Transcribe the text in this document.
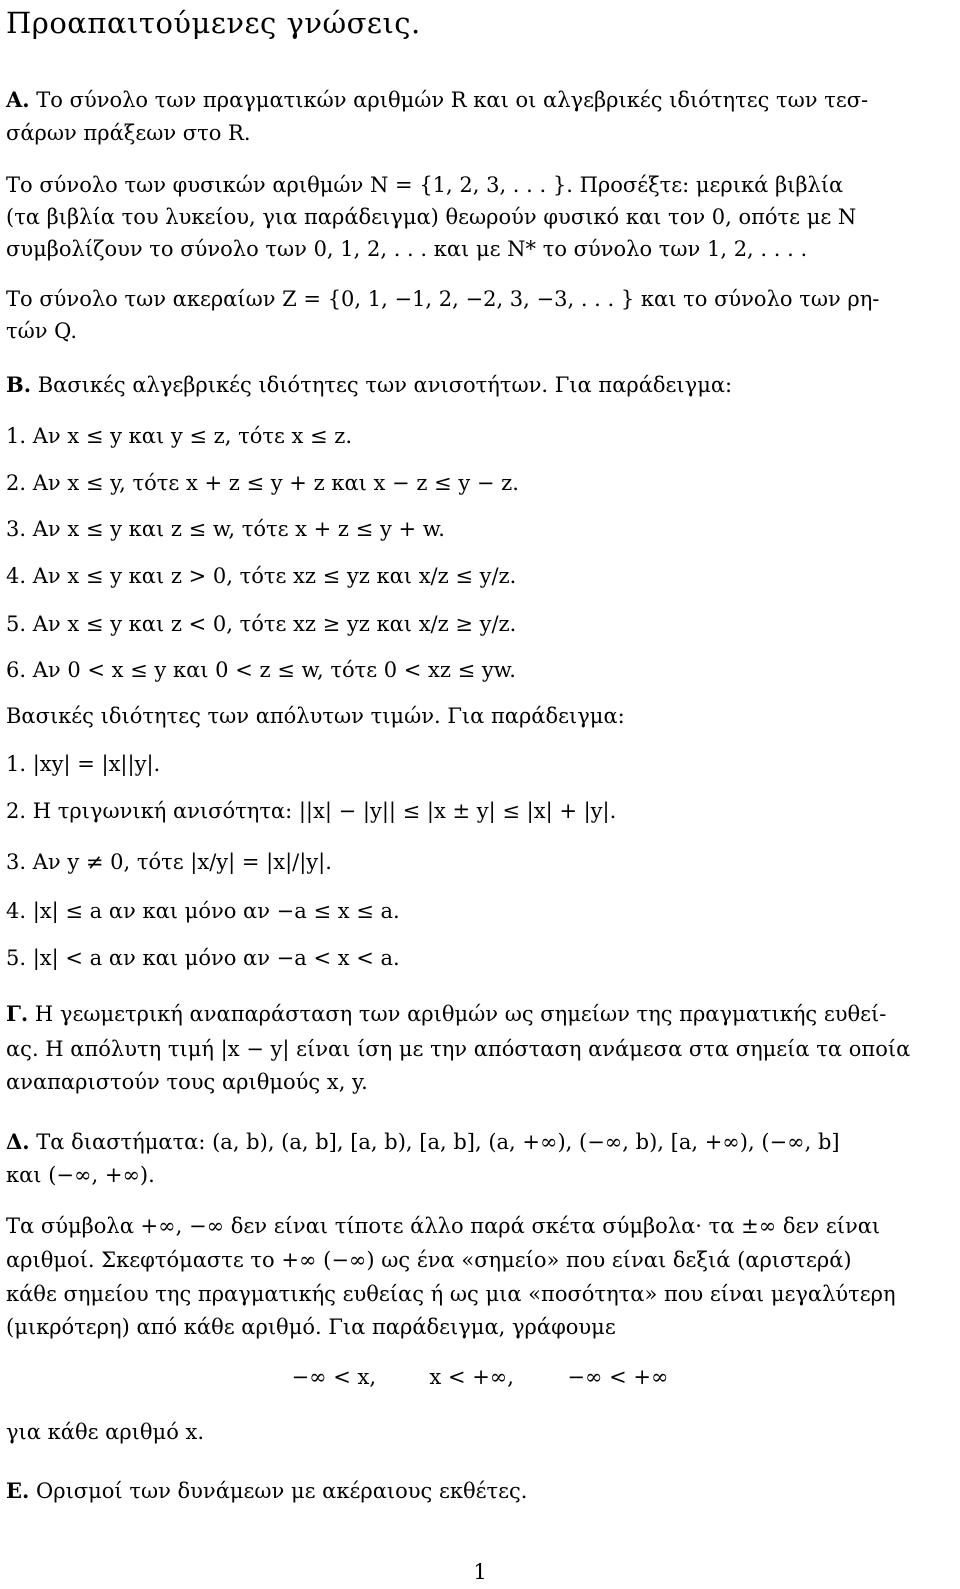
Προαπαιτούμενες γνώσεις.
Α. Το σύνολο των πραγματικών αριθμών R και οι αλγεβρικές ιδιότητες των τεσ-
σάρων πράξεων στο R.
Το σύνολο των φυσικών αριθμών N = {1, 2, 3, . . . }. Προσέξτε: μερικά βιβλία
(τα βιβλία του λυκείου, για παράδειγμα) θεωρούν φυσικό και τον 0, οπότε με N
συμβολίζουν το σύνολο των 0, 1, 2, . . . και με N* το σύνολο των 1, 2, . . . .
Το σύνολο των ακεραίων Z = {0, 1, −1, 2, −2, 3, −3, . . . } και το σύνολο των ρη-
τών Q.
Β. Βασικές αλγεβρικές ιδιότητες των ανισοτήτων. Για παράδειγμα:
1. Αν x ≤ y και y ≤ z, τότε x ≤ z.
2. Αν x ≤ y, τότε x + z ≤ y + z και x − z ≤ y − z.
3. Αν x ≤ y και z ≤ w, τότε x + z ≤ y + w.
4. Αν x ≤ y και z > 0, τότε xz ≤ yz και x/z ≤ y/z.
5. Αν x ≤ y και z < 0, τότε xz ≥ yz και x/z ≥ y/z.
6. Αν 0 < x ≤ y και 0 < z ≤ w, τότε 0 < xz ≤ yw.
Βασικές ιδιότητες των απόλυτων τιμών. Για παράδειγμα:
1. |xy| = |x||y|.
2. Η τριγωνική ανισότητα: ||x| − |y|| ≤ |x ± y| ≤ |x| + |y|.
3. Αν y ≠ 0, τότε |x/y| = |x|/|y|.
4. |x| ≤ a αν και μόνο αν −a ≤ x ≤ a.
5. |x| < a αν και μόνο αν −a < x < a.
Γ. Η γεωμετρική αναπαράσταση των αριθμών ως σημείων της πραγματικής ευθεί-
ας. Η απόλυτη τιμή |x − y| είναι ίση με την απόσταση ανάμεσα στα σημεία τα οποία
αναπαριστούν τους αριθμούς x, y.
Δ. Τα διαστήματα: (a, b), (a, b], [a, b), [a, b], (a, +∞), (−∞, b), [a, +∞), (−∞, b]
και (−∞, +∞).
Τα σύμβολα +∞, −∞ δεν είναι τίποτε άλλο παρά σκέτα σύμβολα· τα ±∞ δεν είναι
αριθμοί. Σκεφτόμαστε το +∞ (−∞) ως ένα «σημείο» που είναι δεξιά (αριστερά)
κάθε σημείου της πραγματικής ευθείας ή ως μια «ποσότητα» που είναι μεγαλύτερη
(μικρότερη) από κάθε αριθμό. Για παράδειγμα, γράφουμε
−∞ < x,        x < +∞,        −∞ < +∞
για κάθε αριθμό x.
Ε. Ορισμοί των δυνάμεων με ακέραιους εκθέτες.
1
